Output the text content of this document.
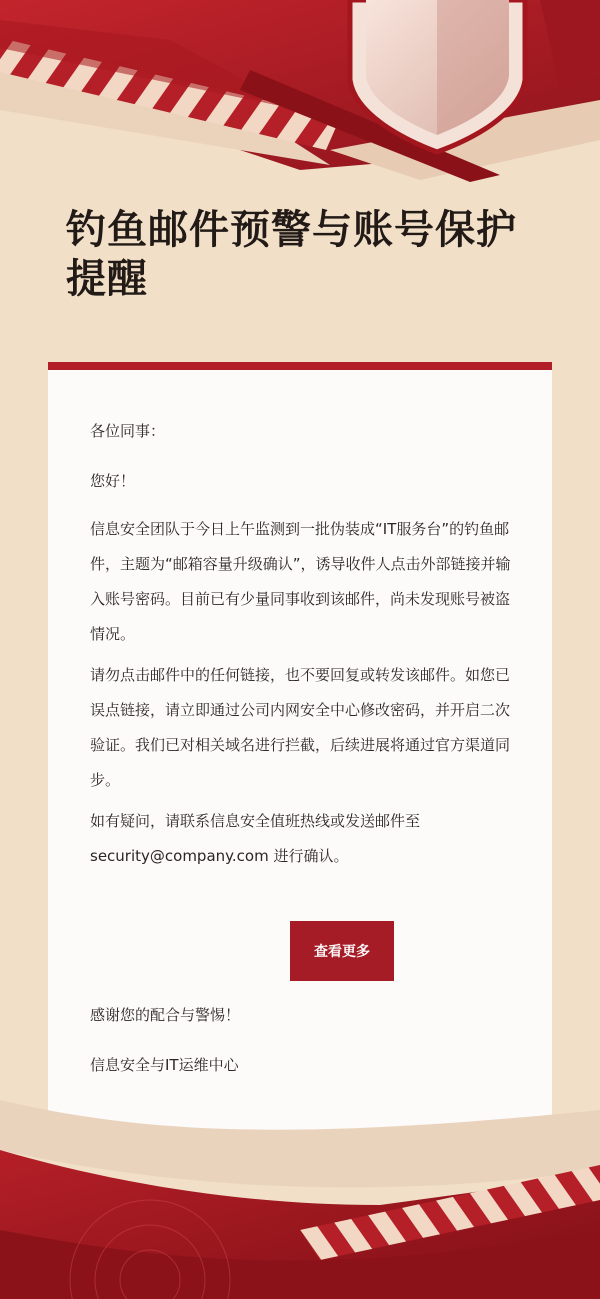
钓鱼邮件预警与账号保护提醒

各位同事：

您好！

信息安全团队于今日上午监测到一批伪装成“IT服务台”的钓鱼邮件，主题为“邮箱容量升级确认”，诱导收件人点击外部链接并输入账号密码。目前已有少量同事收到该邮件，尚未发现账号被盗情况。

请勿点击邮件中的任何链接，也不要回复或转发该邮件。如您已误点链接，请立即通过公司内网安全中心修改密码，并开启二次验证。我们已对相关域名进行拦截，后续进展将通过官方渠道同步。

如有疑问，请联系信息安全值班热线或发送邮件至 security@company.com 进行确认。

查看更多

感谢您的配合与警惕！

信息安全与IT运维中心
